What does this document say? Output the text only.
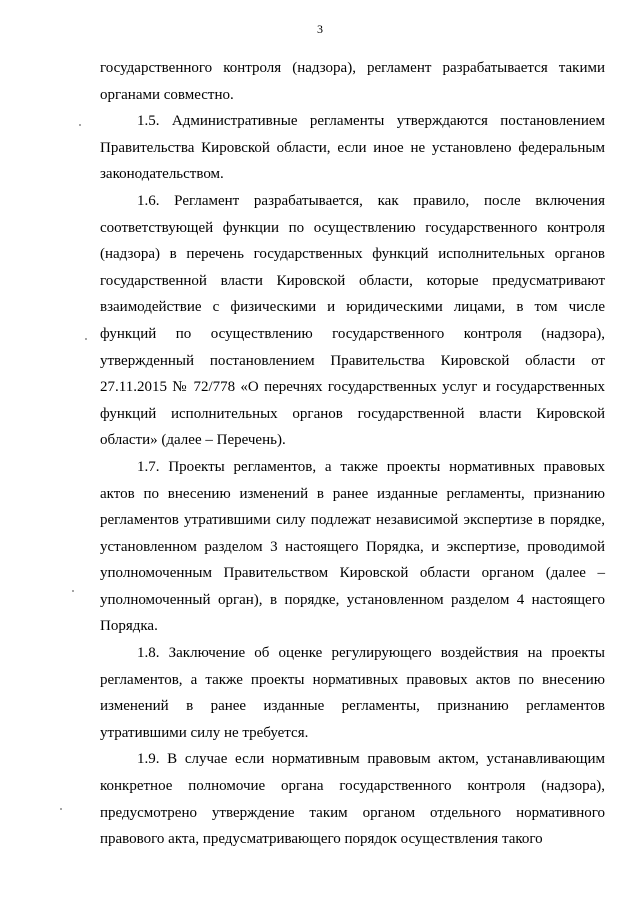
3

государственного контроля (надзора), регламент разрабатывается такими органами совместно.

1.5. Административные регламенты утверждаются постановлением Правительства Кировской области, если иное не установлено федеральным законодательством.

1.6. Регламент разрабатывается, как правило, после включения соответствующей функции по осуществлению государственного контроля (надзора) в перечень государственных функций исполнительных органов государственной власти Кировской области, которые предусматривают взаимодействие с физическими и юридическими лицами, в том числе функций по осуществлению государственного контроля (надзора), утвержденный постановлением Правительства Кировской области от 27.11.2015 № 72/778 «О перечнях государственных услуг и государственных функций исполнительных органов государственной власти Кировской области» (далее – Перечень).

1.7. Проекты регламентов, а также проекты нормативных правовых актов по внесению изменений в ранее изданные регламенты, признанию регламентов утратившими силу подлежат независимой экспертизе в порядке, установленном разделом 3 настоящего Порядка, и экспертизе, проводимой уполномоченным Правительством Кировской области органом (далее – уполномоченный орган), в порядке, установленном разделом 4 настоящего Порядка.

1.8. Заключение об оценке регулирующего воздействия на проекты регламентов, а также проекты нормативных правовых актов по внесению изменений в ранее изданные регламенты, признанию регламентов утратившими силу не требуется.

1.9. В случае если нормативным правовым актом, устанавливающим конкретное полномочие органа государственного контроля (надзора), предусмотрено утверждение таким органом отдельного нормативного правового акта, предусматривающего порядок осуществления такого
